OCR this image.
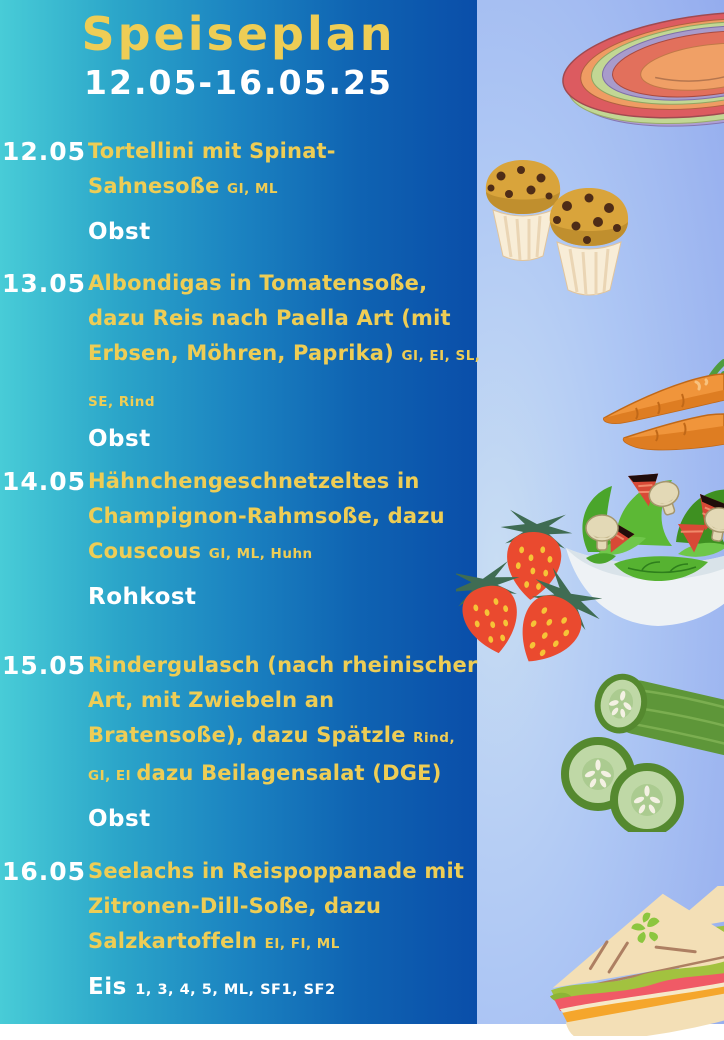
Speiseplan
12.05-16.05.25
12.05 Tortellini mit Spinat-
Sahnesoße GI, ML
Obst
13.05 Albondigas in Tomatensoße,
dazu Reis nach Paella Art (mit
Erbsen, Möhren, Paprika) GI, EI, SL,
SE, Rind
Obst
14.05 Hähnchengeschnetzeltes in
Champignon-Rahmsoße, dazu
Couscous GI, ML, Huhn
Rohkost
15.05 Rindergulasch (nach rheinischer
Art, mit Zwiebeln an
Bratensoße), dazu Spätzle Rind,
GI, EI dazu Beilagensalat (DGE)
Obst
16.05 Seelachs in Reispoppanade mit
Zitronen-Dill-Soße, dazu
Salzkartoffeln EI, FI, ML
Eis 1, 3, 4, 5, ML, SF1, SF2
